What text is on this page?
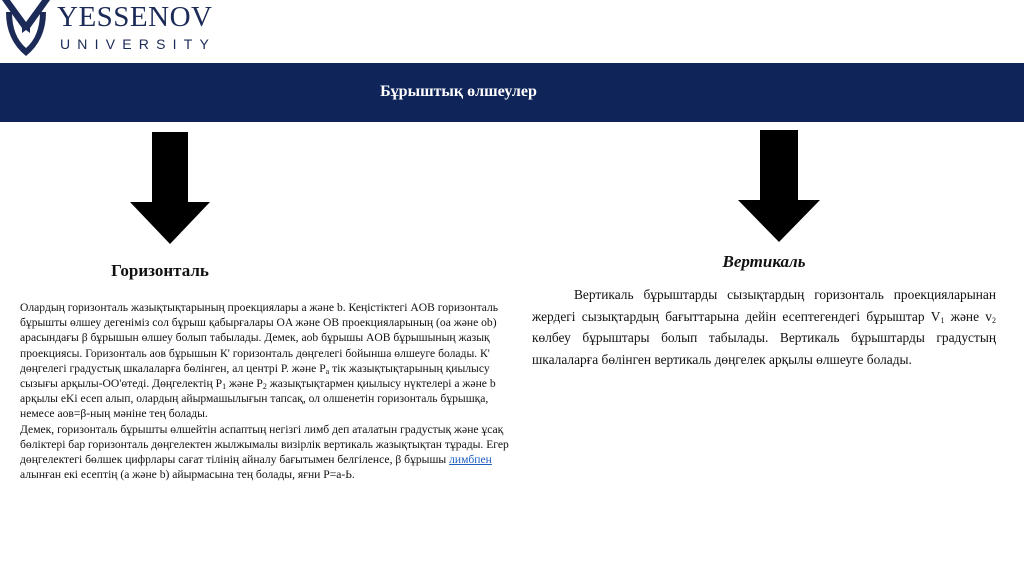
YESSENOV
UNIVERSITY
Бұрыштық өлшеулер
Горизонталь	Вертикаль

Олардың горизонталь жазықтықтарының проекциялары a және b. Кеңістіктегі AOB горизонталь бұрышты өлшеу дегеніміз сол бұрыш қабырғалары OA және OB проекцияларының (оа және оb) арасындағы β бұрышын өлшеу болып табылады. Демек, аоb бұрышы AOB бұрышының жазық проекциясы. Горизонталь аов бұрышын К' горизонталь дөңгелегі бойынша өлшеуге болады. К' дөңгелегі градустық шкалаларға бөлінген, ал центрі P. және $P_a$ тік жазықтықтарының қиылысу сызығы арқылы-ОО'өтеді. Дөңгелектің $P_1$ және $P_2$ жазықтықтармен қиылысу нүктелері a және b арқылы eKi есеп алып, олардың айырмашылығын тапсақ, ол олшенетін горизонталь бұрышқа, немесе аов=β-ның мәніне тең болады.

Демек, горизонталь бұрышты өлшейтін аспаптың негізгі лимб деп аталатын градустық және ұсақ бөліктері бар горизонталь дөңгелектен жылжымалы визірлік вертикаль жазықтықтан тұрады. Егер дөңгелектегі бөлшек цифрлары сағат тілінің айналу бағытымен белгіленсе, β бұрышы лимбпен алынған екі есептің (a және b) айырмасына тең болады, яғни P=a-Ь.

Вертикаль бұрыштарды сызықтардың горизонталь проекцияларынан жердегі сызықтардың бағыттарына дейін есептегендегі бұрыштар $V_1$ және $v_2$ көлбеу бұрыштары болып табылады. Вертикаль бұрыштарды градустың шкалаларға бөлінген вертикаль дөңгелек арқылы өлшеуге болады.
